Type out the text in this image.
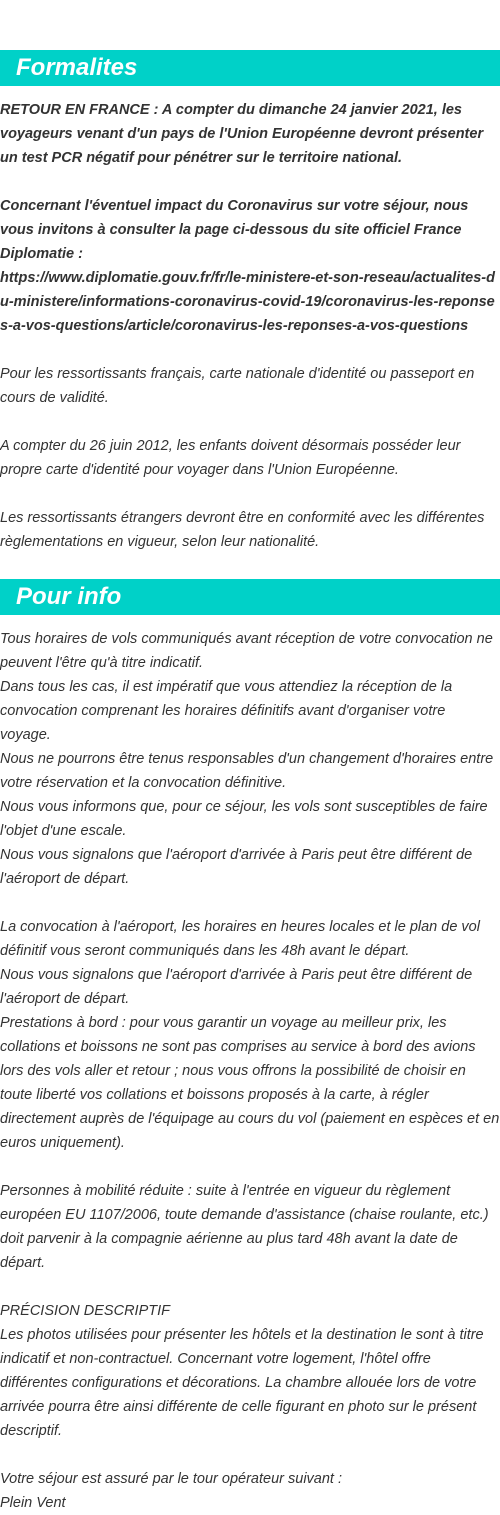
Formalites

RETOUR EN FRANCE : A compter du dimanche 24 janvier 2021, les voyageurs venant d'un pays de l'Union Européenne devront présenter un test PCR négatif pour pénétrer sur le territoire national.

Concernant l'éventuel impact du Coronavirus sur votre séjour, nous vous invitons à consulter la page ci-dessous du site officiel France Diplomatie :

https://www.diplomatie.gouv.fr/fr/le-ministere-et-son-reseau/actualites-du-ministere/informations-coronavirus-covid-19/coronavirus-les-reponses-a-vos-questions/article/coronavirus-les-reponses-a-vos-questions

Pour les ressortissants français, carte nationale d'identité ou passeport en cours de validité.

A compter du 26 juin 2012, les enfants doivent désormais posséder leur propre carte d'identité pour voyager dans l'Union Européenne.

Les ressortissants étrangers devront être en conformité avec les différentes règlementations en vigueur, selon leur nationalité.

Pour info

Tous horaires de vols communiqués avant réception de votre convocation ne peuvent l'être qu'à titre indicatif.

Dans tous les cas, il est impératif que vous attendiez la réception de la convocation comprenant les horaires définitifs avant d'organiser votre voyage.

Nous ne pourrons être tenus responsables d'un changement d'horaires entre votre réservation et la convocation définitive.

Nous vous informons que, pour ce séjour, les vols sont susceptibles de faire l'objet d'une escale.

Nous vous signalons que l'aéroport d'arrivée à Paris peut être différent de l'aéroport de départ.

La convocation à l'aéroport, les horaires en heures locales et le plan de vol définitif vous seront communiqués dans les 48h avant le départ.

Nous vous signalons que l'aéroport d'arrivée à Paris peut être différent de l'aéroport de départ.

Prestations à bord : pour vous garantir un voyage au meilleur prix, les collations et boissons ne sont pas comprises au service à bord des avions lors des vols aller et retour ; nous vous offrons la possibilité de choisir en toute liberté vos collations et boissons proposés à la carte, à régler directement auprès de l'équipage au cours du vol (paiement en espèces et en euros uniquement).

Personnes à mobilité réduite : suite à l'entrée en vigueur du règlement européen EU 1107/2006, toute demande d'assistance (chaise roulante, etc.) doit parvenir à la compagnie aérienne au plus tard 48h avant la date de départ.

PRÉCISION DESCRIPTIF

Les photos utilisées pour présenter les hôtels et la destination le sont à titre indicatif et non-contractuel. Concernant votre logement, l'hôtel offre différentes configurations et décorations. La chambre allouée lors de votre arrivée pourra être ainsi différente de celle figurant en photo sur le présent descriptif.

Votre séjour est assuré par le tour opérateur suivant :

Plein Vent
